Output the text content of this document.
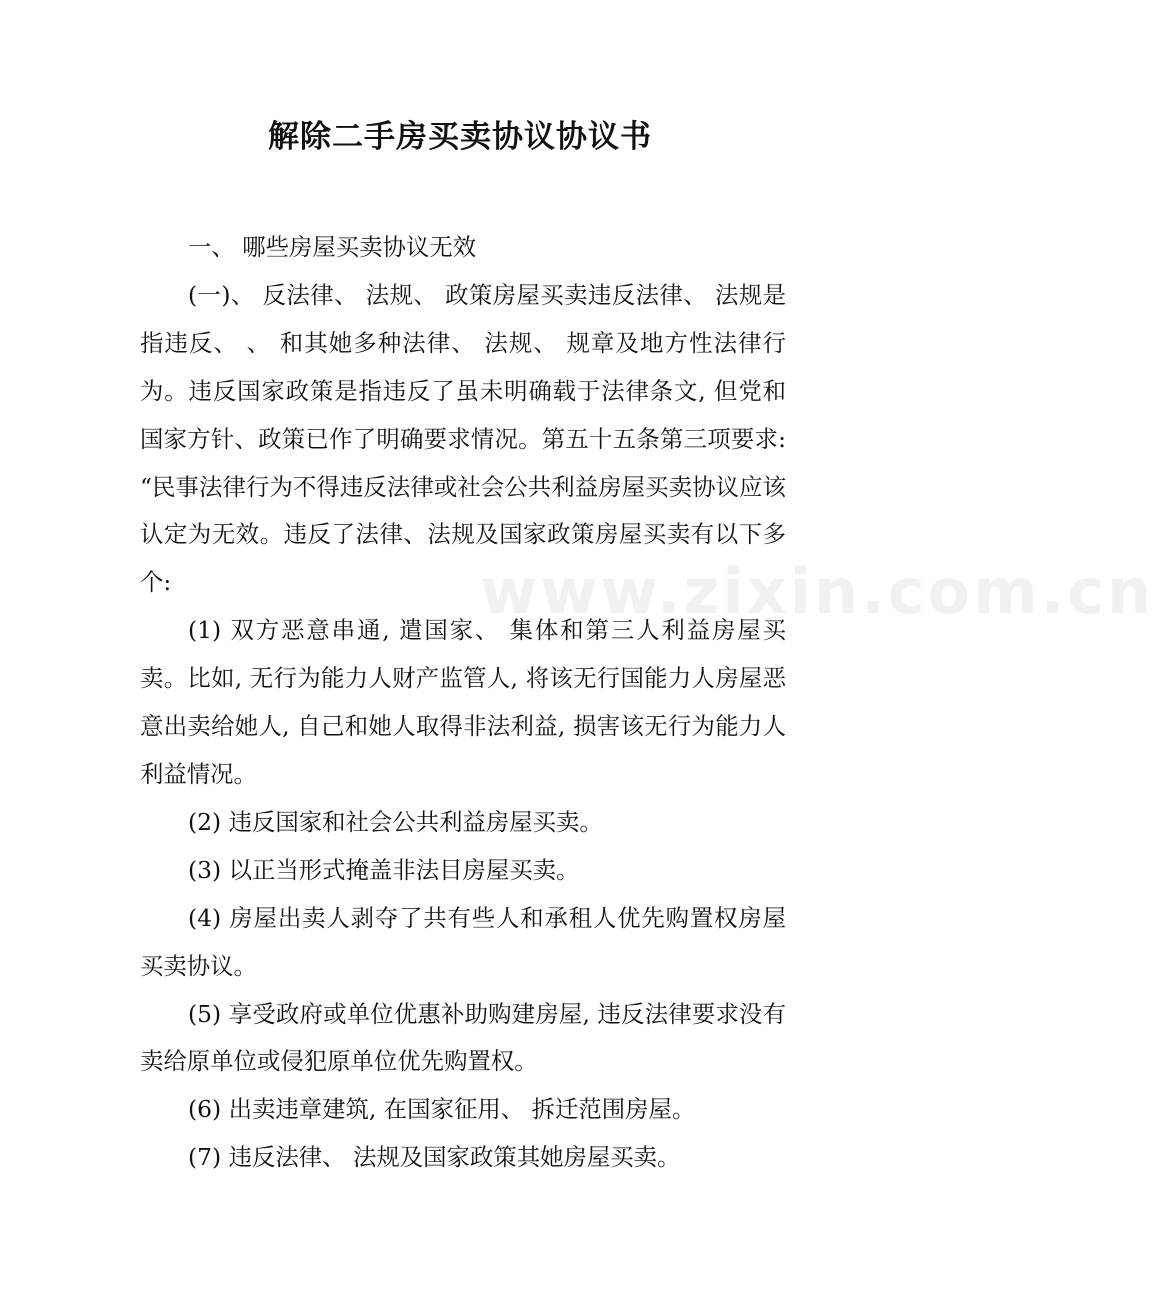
www.zixin.com.cn
解除二手房买卖协议协议书

一、 哪些房屋买卖协议无效

(一)、 反法律、 法规、 政策房屋买卖违反法律、 法规是指违反、 、 和其她多种法律、 法规、 规章及地方性法律行为。违反国家政策是指违反了虽未明确载于法律条文, 但党和国家方针、政策已作了明确要求情况。第五十五条第三项要求: “民事法律行为不得违反法律或社会公共利益房屋买卖协议应该认定为无效。违反了法律、法规及国家政策房屋买卖有以下多个:

(1) 双方恶意串通, 遣国家、 集体和第三人利益房屋买卖。比如, 无行为能力人财产监管人, 将该无行国能力人房屋恶意出卖给她人, 自己和她人取得非法利益, 损害该无行为能力人利益情况。

(2) 违反国家和社会公共利益房屋买卖。

(3) 以正当形式掩盖非法目房屋买卖。

(4) 房屋出卖人剥夺了共有些人和承租人优先购置权房屋买卖协议。

(5) 享受政府或单位优惠补助购建房屋, 违反法律要求没有卖给原单位或侵犯原单位优先购置权。

(6) 出卖违章建筑, 在国家征用、 拆迁范围房屋。

(7) 违反法律、 法规及国家政策其她房屋买卖。
